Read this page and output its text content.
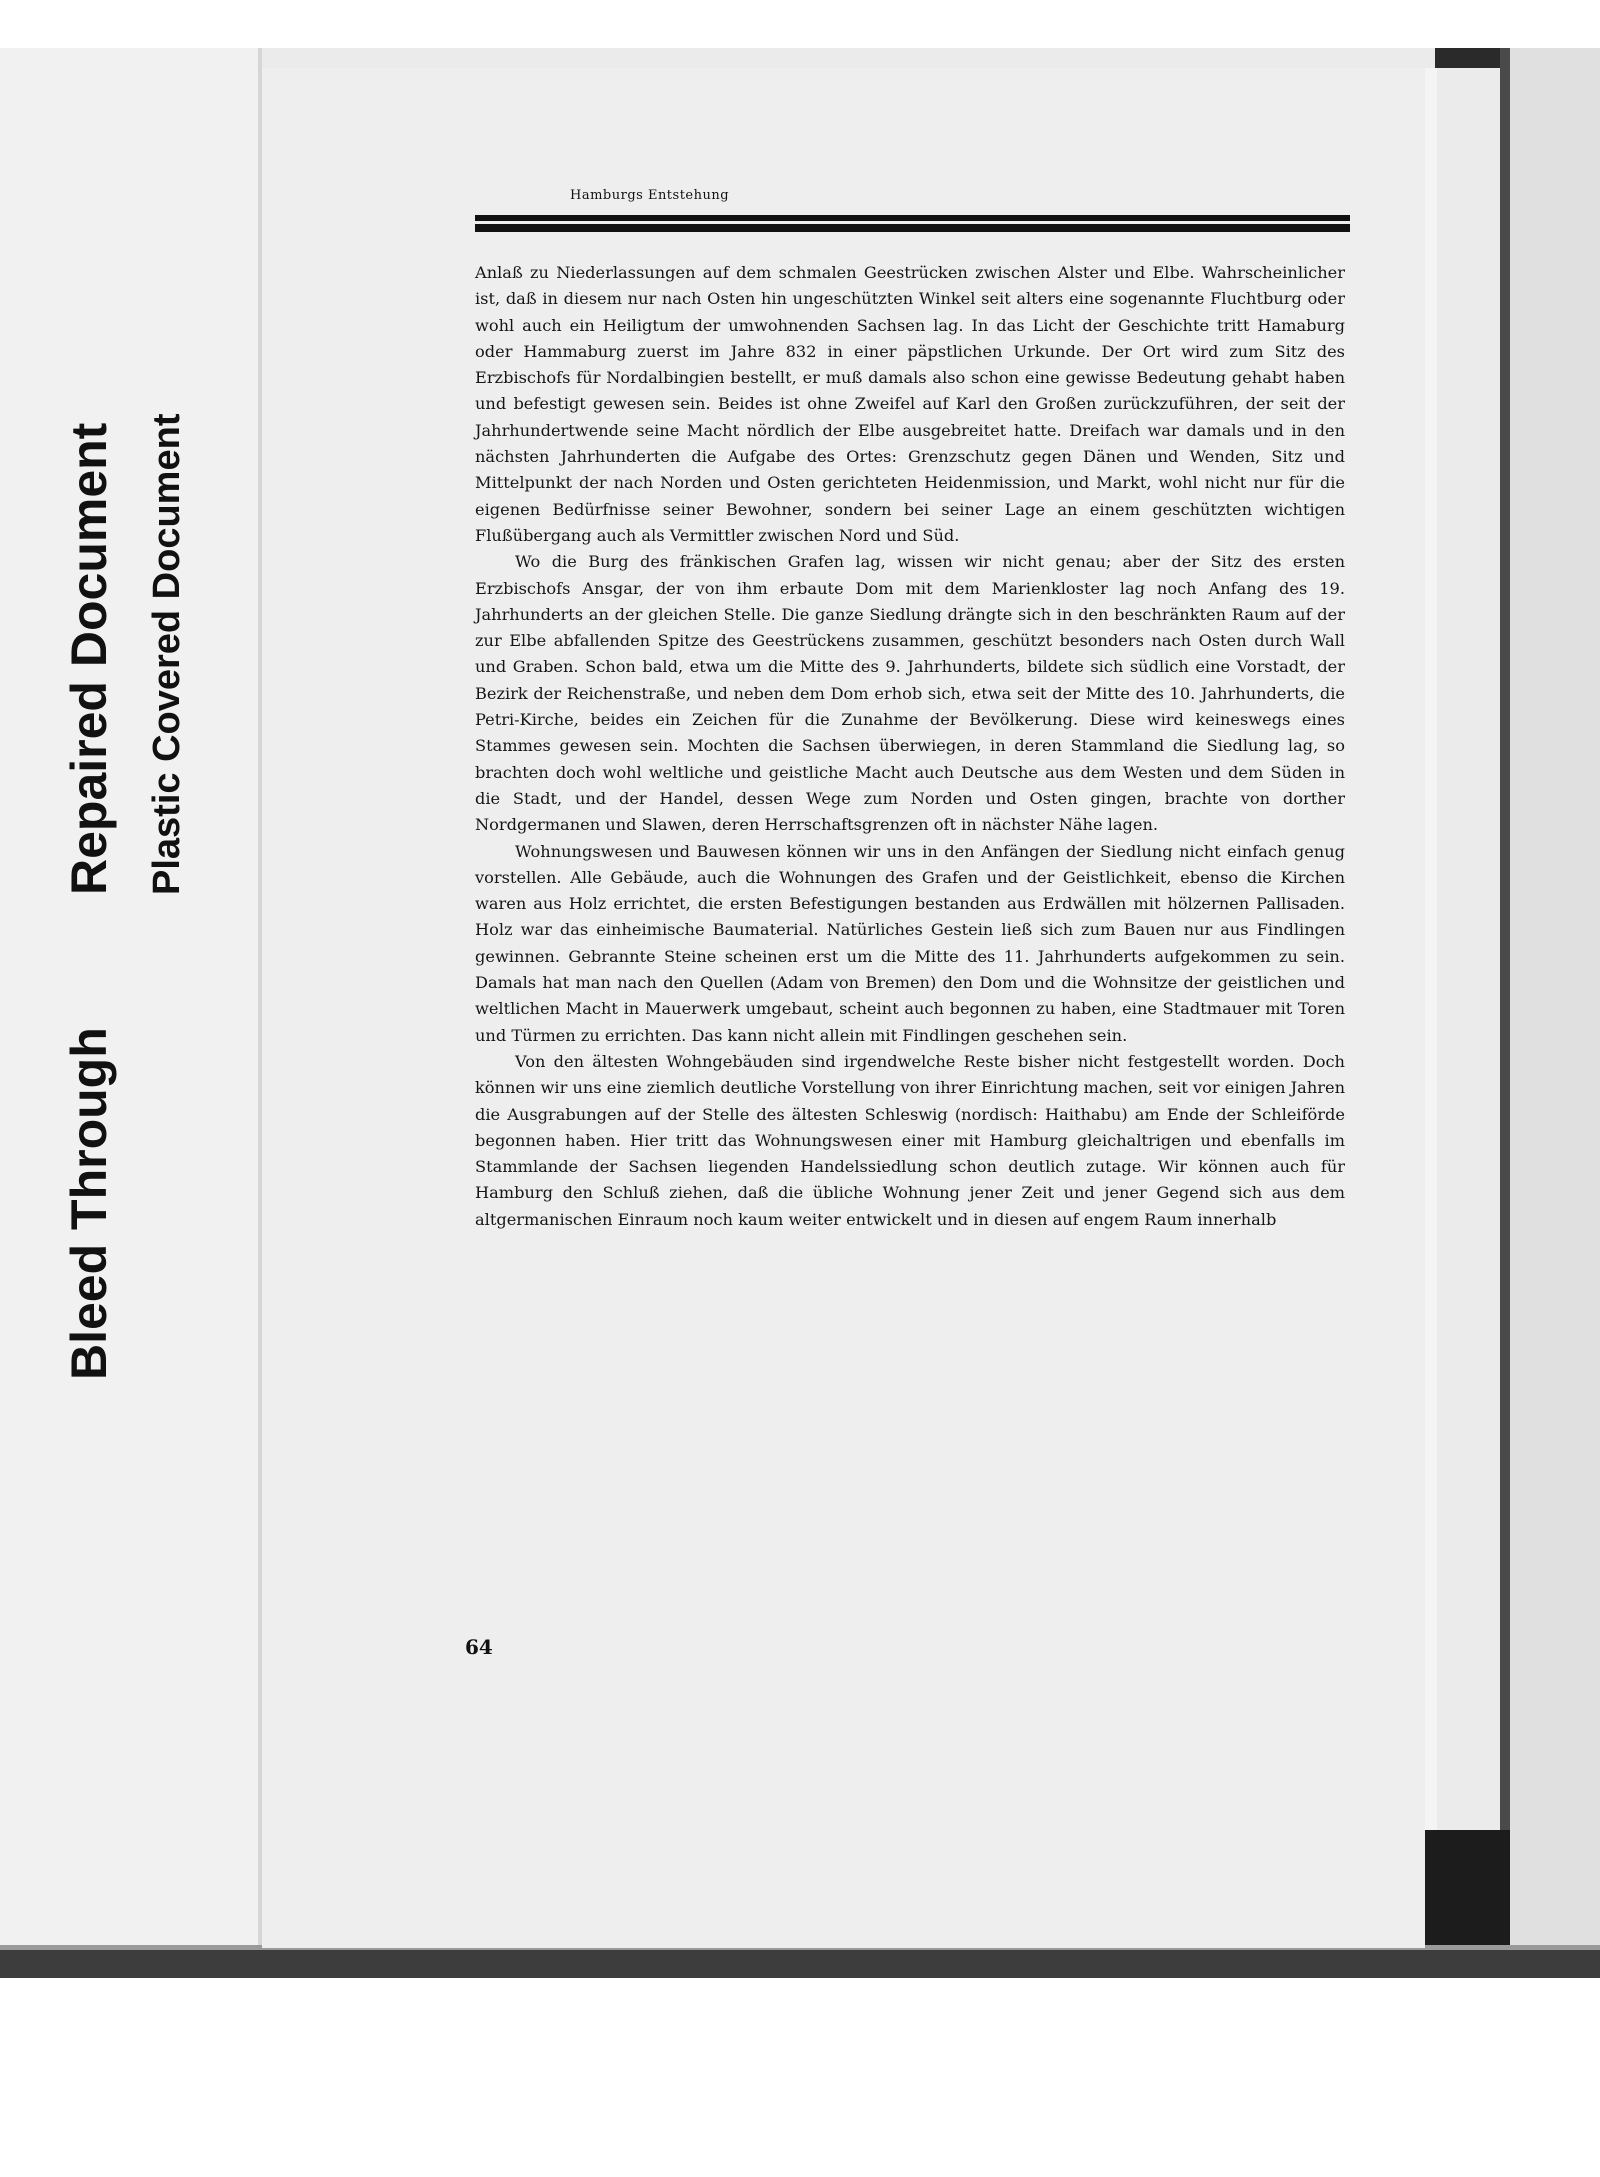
Bleed Through
Repaired Document Plastic Covered Document
Hamburgs Entstehung

Anlaß zu Niederlassungen auf dem schmalen Geestrücken zwischen Alster und Elbe. Wahrscheinlicher ist, daß in diesem nur nach Osten hin ungeschützten Winkel seit alters eine sogenannte Fluchtburg oder wohl auch ein Heiligtum der umwohnenden Sachsen lag. In das Licht der Geschichte tritt Hamaburg oder Hammaburg zuerst im Jahre 832 in einer päpstlichen Urkunde. Der Ort wird zum Sitz des Erzbischofs für Nordalbingien bestellt, er muß damals also schon eine gewisse Bedeutung gehabt haben und befestigt gewesen sein. Beides ist ohne Zweifel auf Karl den Großen zurückzuführen, der seit der Jahrhundertwende seine Macht nördlich der Elbe ausgebreitet hatte. Dreifach war damals und in den nächsten Jahrhunderten die Aufgabe des Ortes: Grenzschutz gegen Dänen und Wenden, Sitz und Mittelpunkt der nach Norden und Osten gerichteten Heidenmission, und Markt, wohl nicht nur für die eigenen Bedürfnisse seiner Bewohner, sondern bei seiner Lage an einem geschützten wichtigen Flußübergang auch als Vermittler zwischen Nord und Süd.

Wo die Burg des fränkischen Grafen lag, wissen wir nicht genau; aber der Sitz des ersten Erzbischofs Ansgar, der von ihm erbaute Dom mit dem Marienkloster lag noch Anfang des 19. Jahrhunderts an der gleichen Stelle. Die ganze Siedlung drängte sich in den beschränkten Raum auf der zur Elbe abfallenden Spitze des Geestrückens zusammen, geschützt besonders nach Osten durch Wall und Graben. Schon bald, etwa um die Mitte des 9. Jahrhunderts, bildete sich südlich eine Vorstadt, der Bezirk der Reichenstraße, und neben dem Dom erhob sich, etwa seit der Mitte des 10. Jahrhunderts, die Petri-Kirche, beides ein Zeichen für die Zunahme der Bevölkerung. Diese wird keineswegs eines Stammes gewesen sein. Mochten die Sachsen überwiegen, in deren Stammland die Siedlung lag, so brachten doch wohl weltliche und geistliche Macht auch Deutsche aus dem Westen und dem Süden in die Stadt, und der Handel, dessen Wege zum Norden und Osten gingen, brachte von dorther Nordgermanen und Slawen, deren Herrschaftsgrenzen oft in nächster Nähe lagen.

Wohnungswesen und Bauwesen können wir uns in den Anfängen der Siedlung nicht einfach genug vorstellen. Alle Gebäude, auch die Wohnungen des Grafen und der Geistlichkeit, ebenso die Kirchen waren aus Holz errichtet, die ersten Befestigungen bestanden aus Erdwällen mit hölzernen Pallisaden. Holz war das einheimische Baumaterial. Natürliches Gestein ließ sich zum Bauen nur aus Findlingen gewinnen. Gebrannte Steine scheinen erst um die Mitte des 11. Jahrhunderts aufgekommen zu sein. Damals hat man nach den Quellen (Adam von Bremen) den Dom und die Wohnsitze der geistlichen und weltlichen Macht in Mauerwerk umgebaut, scheint auch begonnen zu haben, eine Stadtmauer mit Toren und Türmen zu errichten. Das kann nicht allein mit Findlingen geschehen sein.

Von den ältesten Wohngebäuden sind irgendwelche Reste bisher nicht festgestellt worden. Doch können wir uns eine ziemlich deutliche Vorstellung von ihrer Einrichtung machen, seit vor einigen Jahren die Ausgrabungen auf der Stelle des ältesten Schleswig (nordisch: Haithabu) am Ende der Schleiförde begonnen haben. Hier tritt das Wohnungswesen einer mit Hamburg gleichaltrigen und ebenfalls im Stammlande der Sachsen liegenden Handelssiedlung schon deutlich zutage. Wir können auch für Hamburg den Schluß ziehen, daß die übliche Wohnung jener Zeit und jener Gegend sich aus dem altgermanischen Einraum noch kaum weiter entwickelt und in diesen auf engem Raum innerhalb

64
